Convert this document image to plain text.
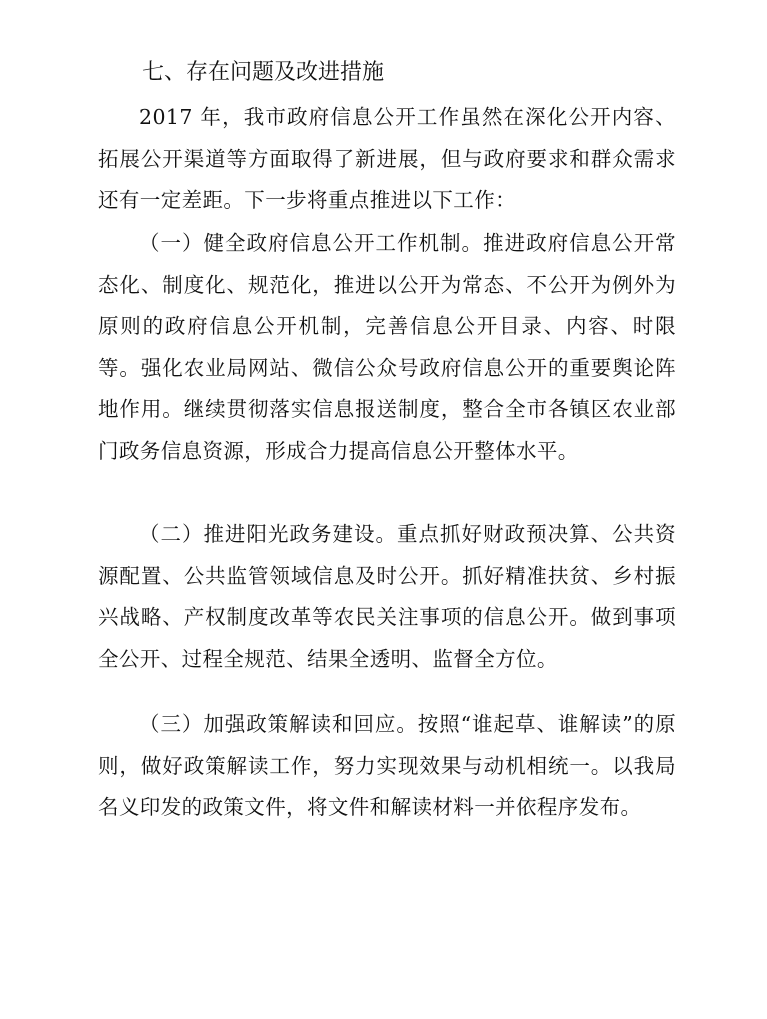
七、存在问题及改进措施

2017 年，我市政府信息公开工作虽然在深化公开内容、拓展公开渠道等方面取得了新进展，但与政府要求和群众需求还有一定差距。下一步将重点推进以下工作：

（一）健全政府信息公开工作机制。推进政府信息公开常态化、制度化、规范化，推进以公开为常态、不公开为例外为原则的政府信息公开机制，完善信息公开目录、内容、时限等。强化农业局网站、微信公众号政府信息公开的重要舆论阵地作用。继续贯彻落实信息报送制度，整合全市各镇区农业部门政务信息资源，形成合力提高信息公开整体水平。

（二）推进阳光政务建设。重点抓好财政预决算、公共资源配置、公共监管领域信息及时公开。抓好精准扶贫、乡村振兴战略、产权制度改革等农民关注事项的信息公开。做到事项全公开、过程全规范、结果全透明、监督全方位。

（三）加强政策解读和回应。按照“谁起草、谁解读”的原则，做好政策解读工作，努力实现效果与动机相统一。以我局名义印发的政策文件，将文件和解读材料一并依程序发布。
